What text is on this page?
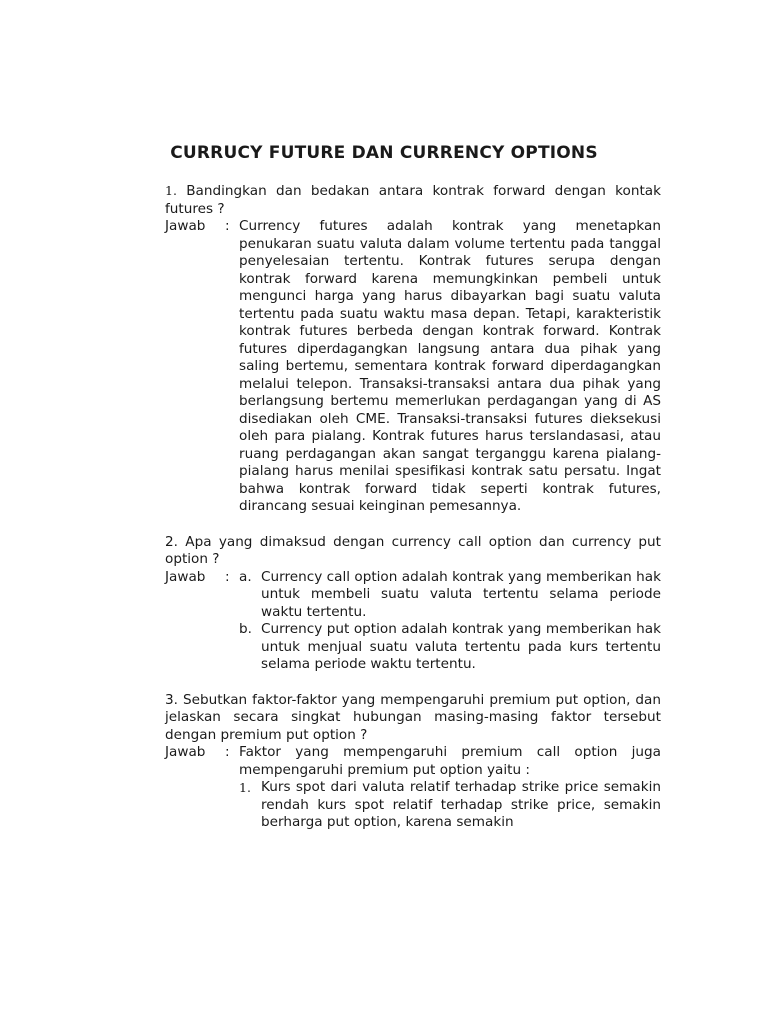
CURRUCY FUTURE DAN CURRENCY OPTIONS
1. Bandingkan dan bedakan antara kontrak forward dengan kontak futures ?
Jawab	: Currency futures adalah kontrak yang menetapkan penukaran suatu valuta dalam volume tertentu pada tanggal penyelesaian tertentu. Kontrak futures serupa dengan kontrak forward karena memungkinkan pembeli untuk mengunci harga yang harus dibayarkan bagi suatu valuta tertentu pada suatu waktu masa depan. Tetapi, karakteristik kontrak futures berbeda dengan kontrak forward. Kontrak futures diperdagangkan langsung antara dua pihak yang saling bertemu, sementara kontrak forward diperdagangkan melalui telepon. Transaksi-transaksi antara dua pihak yang berlangsung bertemu memerlukan perdagangan yang di AS disediakan oleh CME. Transaksi-transaksi futures dieksekusi oleh para pialang. Kontrak futures harus terslandasasi, atau ruang perdagangan akan sangat terganggu karena pialang-pialang harus menilai spesifikasi kontrak satu persatu. Ingat bahwa kontrak forward tidak seperti kontrak futures, dirancang sesuai keinginan pemesannya.
2. Apa yang dimaksud dengan currency call option dan currency put option ?
Jawab	: a. Currency call option adalah kontrak yang memberikan hak untuk membeli suatu valuta tertentu selama periode waktu tertentu.
b. Currency put option adalah kontrak yang memberikan hak untuk menjual suatu valuta tertentu pada kurs tertentu selama periode waktu tertentu.
3. Sebutkan faktor-faktor yang mempengaruhi premium put option, dan jelaskan secara singkat hubungan masing-masing faktor tersebut dengan premium put option ?
Jawab	: Faktor yang mempengaruhi premium call option juga mempengaruhi premium put option yaitu :
1. Kurs spot dari valuta relatif terhadap strike price semakin rendah kurs spot relatif terhadap strike price, semakin berharga put option, karena semakin
